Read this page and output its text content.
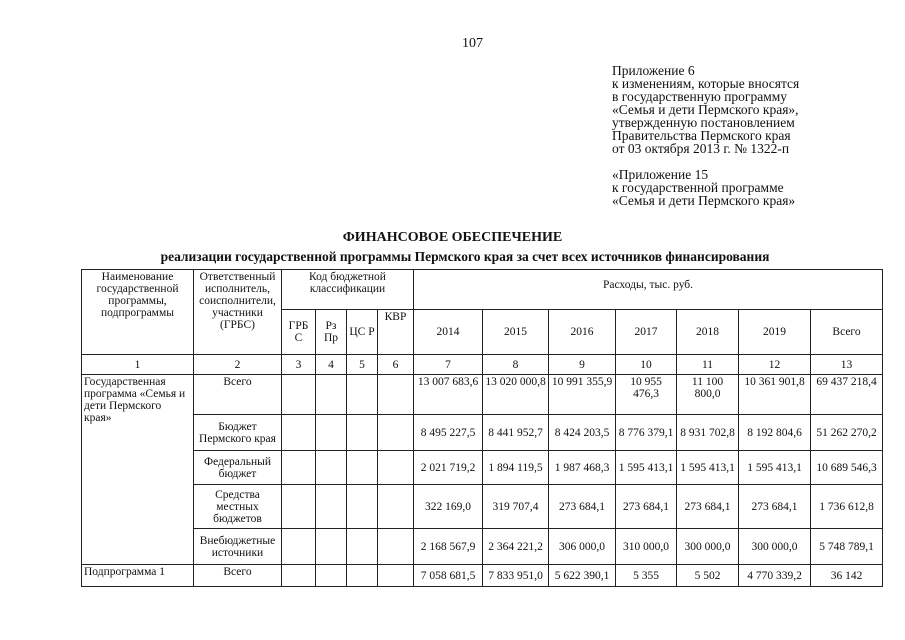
107
Приложение 6
к изменениям, которые вносятся
в государственную программу
«Семья и дети Пермского края»,
утвержденную постановлением
Правительства Пермского края
от 03 октября 2013 г. № 1322-п
«Приложение 15
к государственной программе
«Семья и дети Пермского края»
ФИНАНСОВОЕ ОБЕСПЕЧЕНИЕ
реализации государственной программы Пермского края за счет всех источников финансирования
Наименование государственной программы, подпрограммы	Ответственный исполнитель, соисполнители, участники (ГРБС)	Код бюджетной классификации				Расходы, тыс. руб.						
		ГРБ С	Рз Пр	ЦС Р	КВР	2014	2015	2016	2017	2018	2019	Всего
1	2	3	4	5	6	7	8	9	10	11	12	13
Государственная программа «Семья и дети Пермского края»	Всего					13 007 683,6	13 020 000,8	10 991 355,9	10 955 476,3	11 100 800,0	10 361 901,8	69 437 218,4
	Бюджет Пермского края					8 495 227,5	8 441 952,7	8 424 203,5	8 776 379,1	8 931 702,8	8 192 804,6	51 262 270,2
	Федеральный бюджет					2 021 719,2	1 894 119,5	1 987 468,3	1 595 413,1	1 595 413,1	1 595 413,1	10 689 546,3
	Средства местных бюджетов					322 169,0	319 707,4	273 684,1	273 684,1	273 684,1	273 684,1	1 736 612,8
	Внебюджетные источники					2 168 567,9	2 364 221,2	306 000,0	310 000,0	300 000,0	300 000,0	5 748 789,1
Подпрограмма 1	Всего					7 058 681,5	7 833 951,0	5 622 390,1	5 355	5 502	4 770 339,2	36 142
